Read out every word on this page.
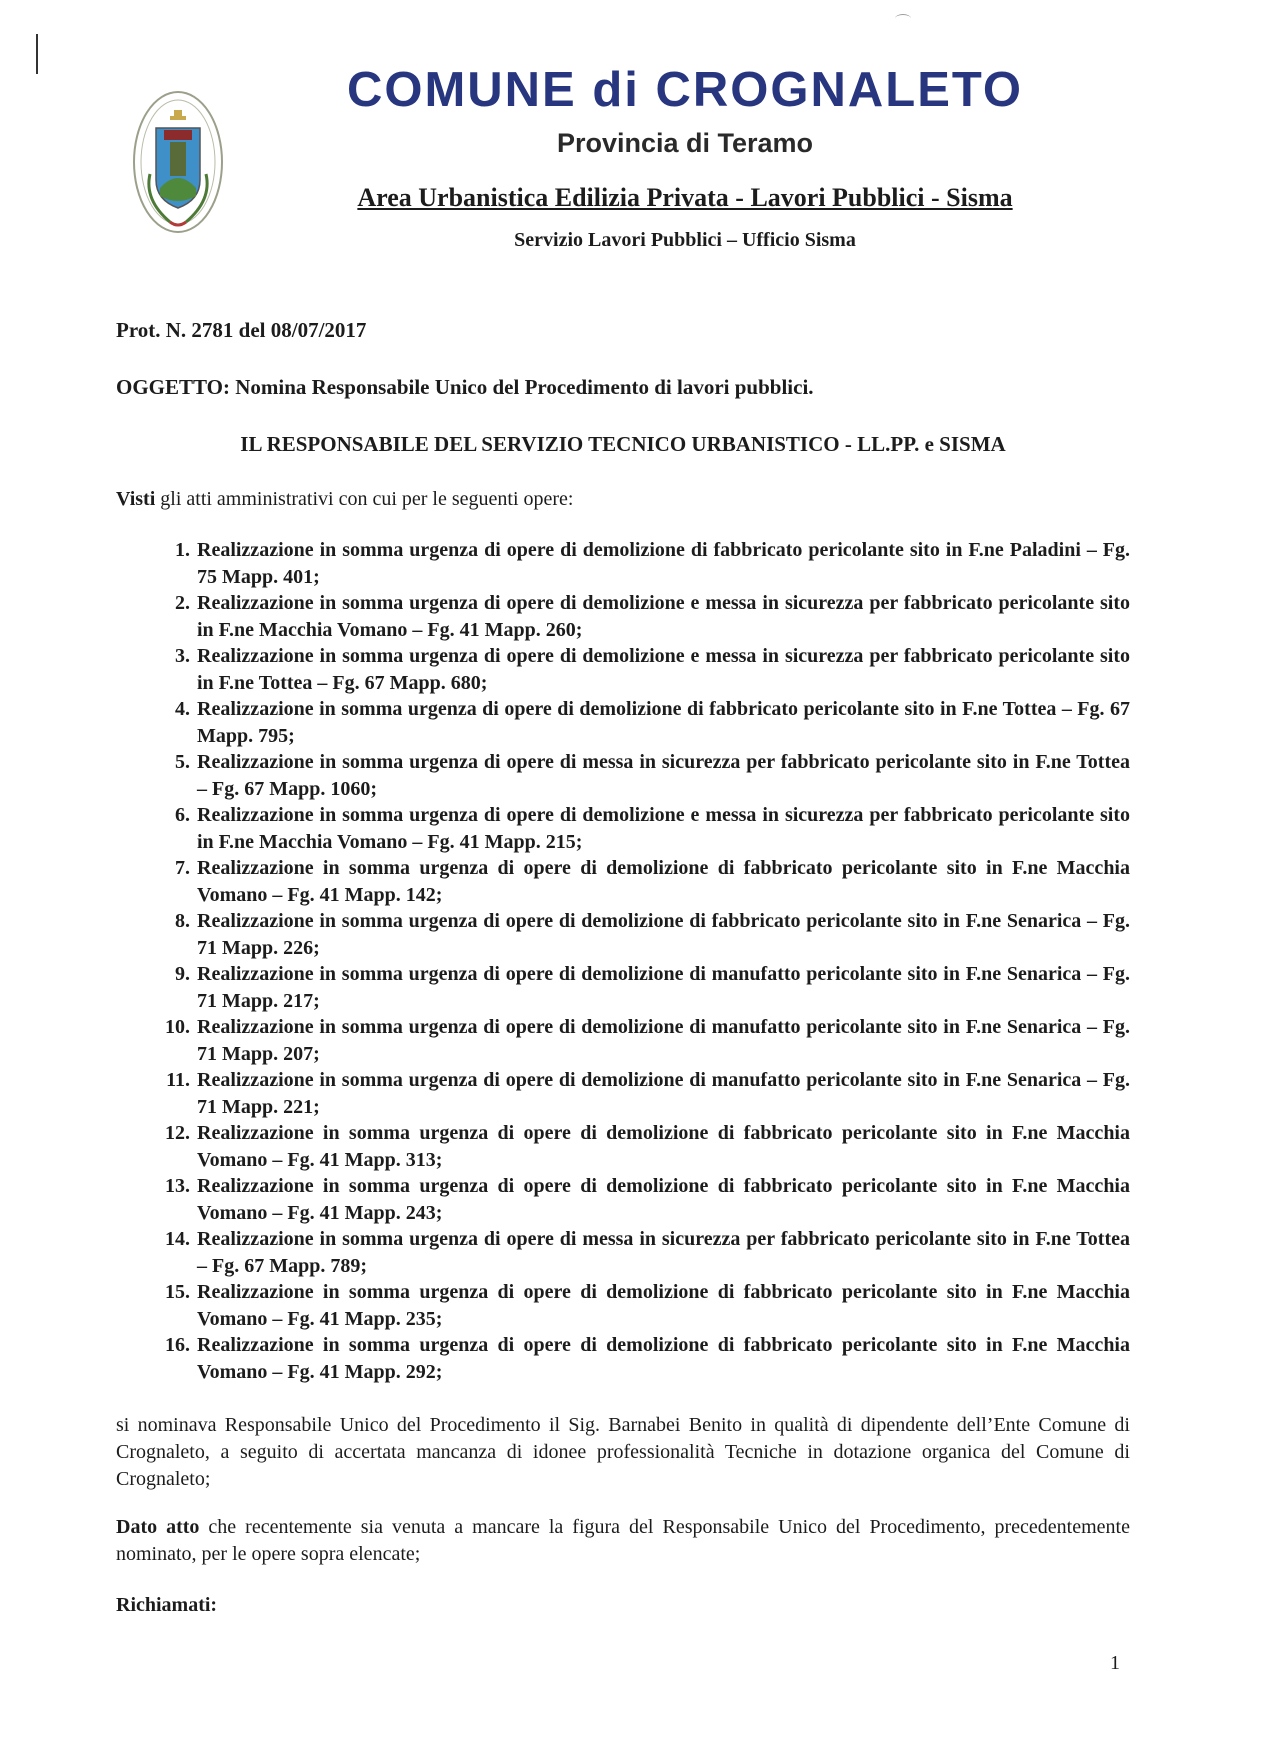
COMUNE di CROGNALETO
Provincia di Teramo
Area Urbanistica Edilizia Privata - Lavori Pubblici - Sisma
Servizio Lavori Pubblici – Ufficio Sisma
Prot. N. 2781 del 08/07/2017
OGGETTO: Nomina Responsabile Unico del Procedimento di lavori pubblici.
IL RESPONSABILE DEL SERVIZIO TECNICO URBANISTICO - LL.PP. e SISMA
Visti gli atti amministrativi con cui per le seguenti opere:
1. Realizzazione in somma urgenza di opere di demolizione di fabbricato pericolante sito in F.ne Paladini – Fg. 75 Mapp. 401;
2. Realizzazione in somma urgenza di opere di demolizione e messa in sicurezza per fabbricato pericolante sito in F.ne Macchia Vomano – Fg. 41 Mapp. 260;
3. Realizzazione in somma urgenza di opere di demolizione e messa in sicurezza per fabbricato pericolante sito in F.ne Tottea – Fg. 67 Mapp. 680;
4. Realizzazione in somma urgenza di opere di demolizione di fabbricato pericolante sito in F.ne Tottea – Fg. 67 Mapp. 795;
5. Realizzazione in somma urgenza di opere di messa in sicurezza per fabbricato pericolante sito in F.ne Tottea – Fg. 67 Mapp. 1060;
6. Realizzazione in somma urgenza di opere di demolizione e messa in sicurezza per fabbricato pericolante sito in F.ne Macchia Vomano – Fg. 41 Mapp. 215;
7. Realizzazione in somma urgenza di opere di demolizione di fabbricato pericolante sito in F.ne Macchia Vomano – Fg. 41 Mapp. 142;
8. Realizzazione in somma urgenza di opere di demolizione di fabbricato pericolante sito in F.ne Senarica – Fg. 71 Mapp. 226;
9. Realizzazione in somma urgenza di opere di demolizione di manufatto pericolante sito in F.ne Senarica – Fg. 71 Mapp. 217;
10. Realizzazione in somma urgenza di opere di demolizione di manufatto pericolante sito in F.ne Senarica – Fg. 71 Mapp. 207;
11. Realizzazione in somma urgenza di opere di demolizione di manufatto pericolante sito in F.ne Senarica – Fg. 71 Mapp. 221;
12. Realizzazione in somma urgenza di opere di demolizione di fabbricato pericolante sito in F.ne Macchia Vomano – Fg. 41 Mapp. 313;
13. Realizzazione in somma urgenza di opere di demolizione di fabbricato pericolante sito in F.ne Macchia Vomano – Fg. 41 Mapp. 243;
14. Realizzazione in somma urgenza di opere di messa in sicurezza per fabbricato pericolante sito in F.ne Tottea – Fg. 67 Mapp. 789;
15. Realizzazione in somma urgenza di opere di demolizione di fabbricato pericolante sito in F.ne Macchia Vomano – Fg. 41 Mapp. 235;
16. Realizzazione in somma urgenza di opere di demolizione di fabbricato pericolante sito in F.ne Macchia Vomano – Fg. 41 Mapp. 292;
si nominava Responsabile Unico del Procedimento il Sig. Barnabei Benito in qualità di dipendente dell’Ente Comune di Crognaleto, a seguito di accertata mancanza di idonee professionalità Tecniche in dotazione organica del Comune di Crognaleto;
Dato atto che recentemente sia venuta a mancare la figura del Responsabile Unico del Procedimento, precedentemente nominato, per le opere sopra elencate;
Richiamati:
1
